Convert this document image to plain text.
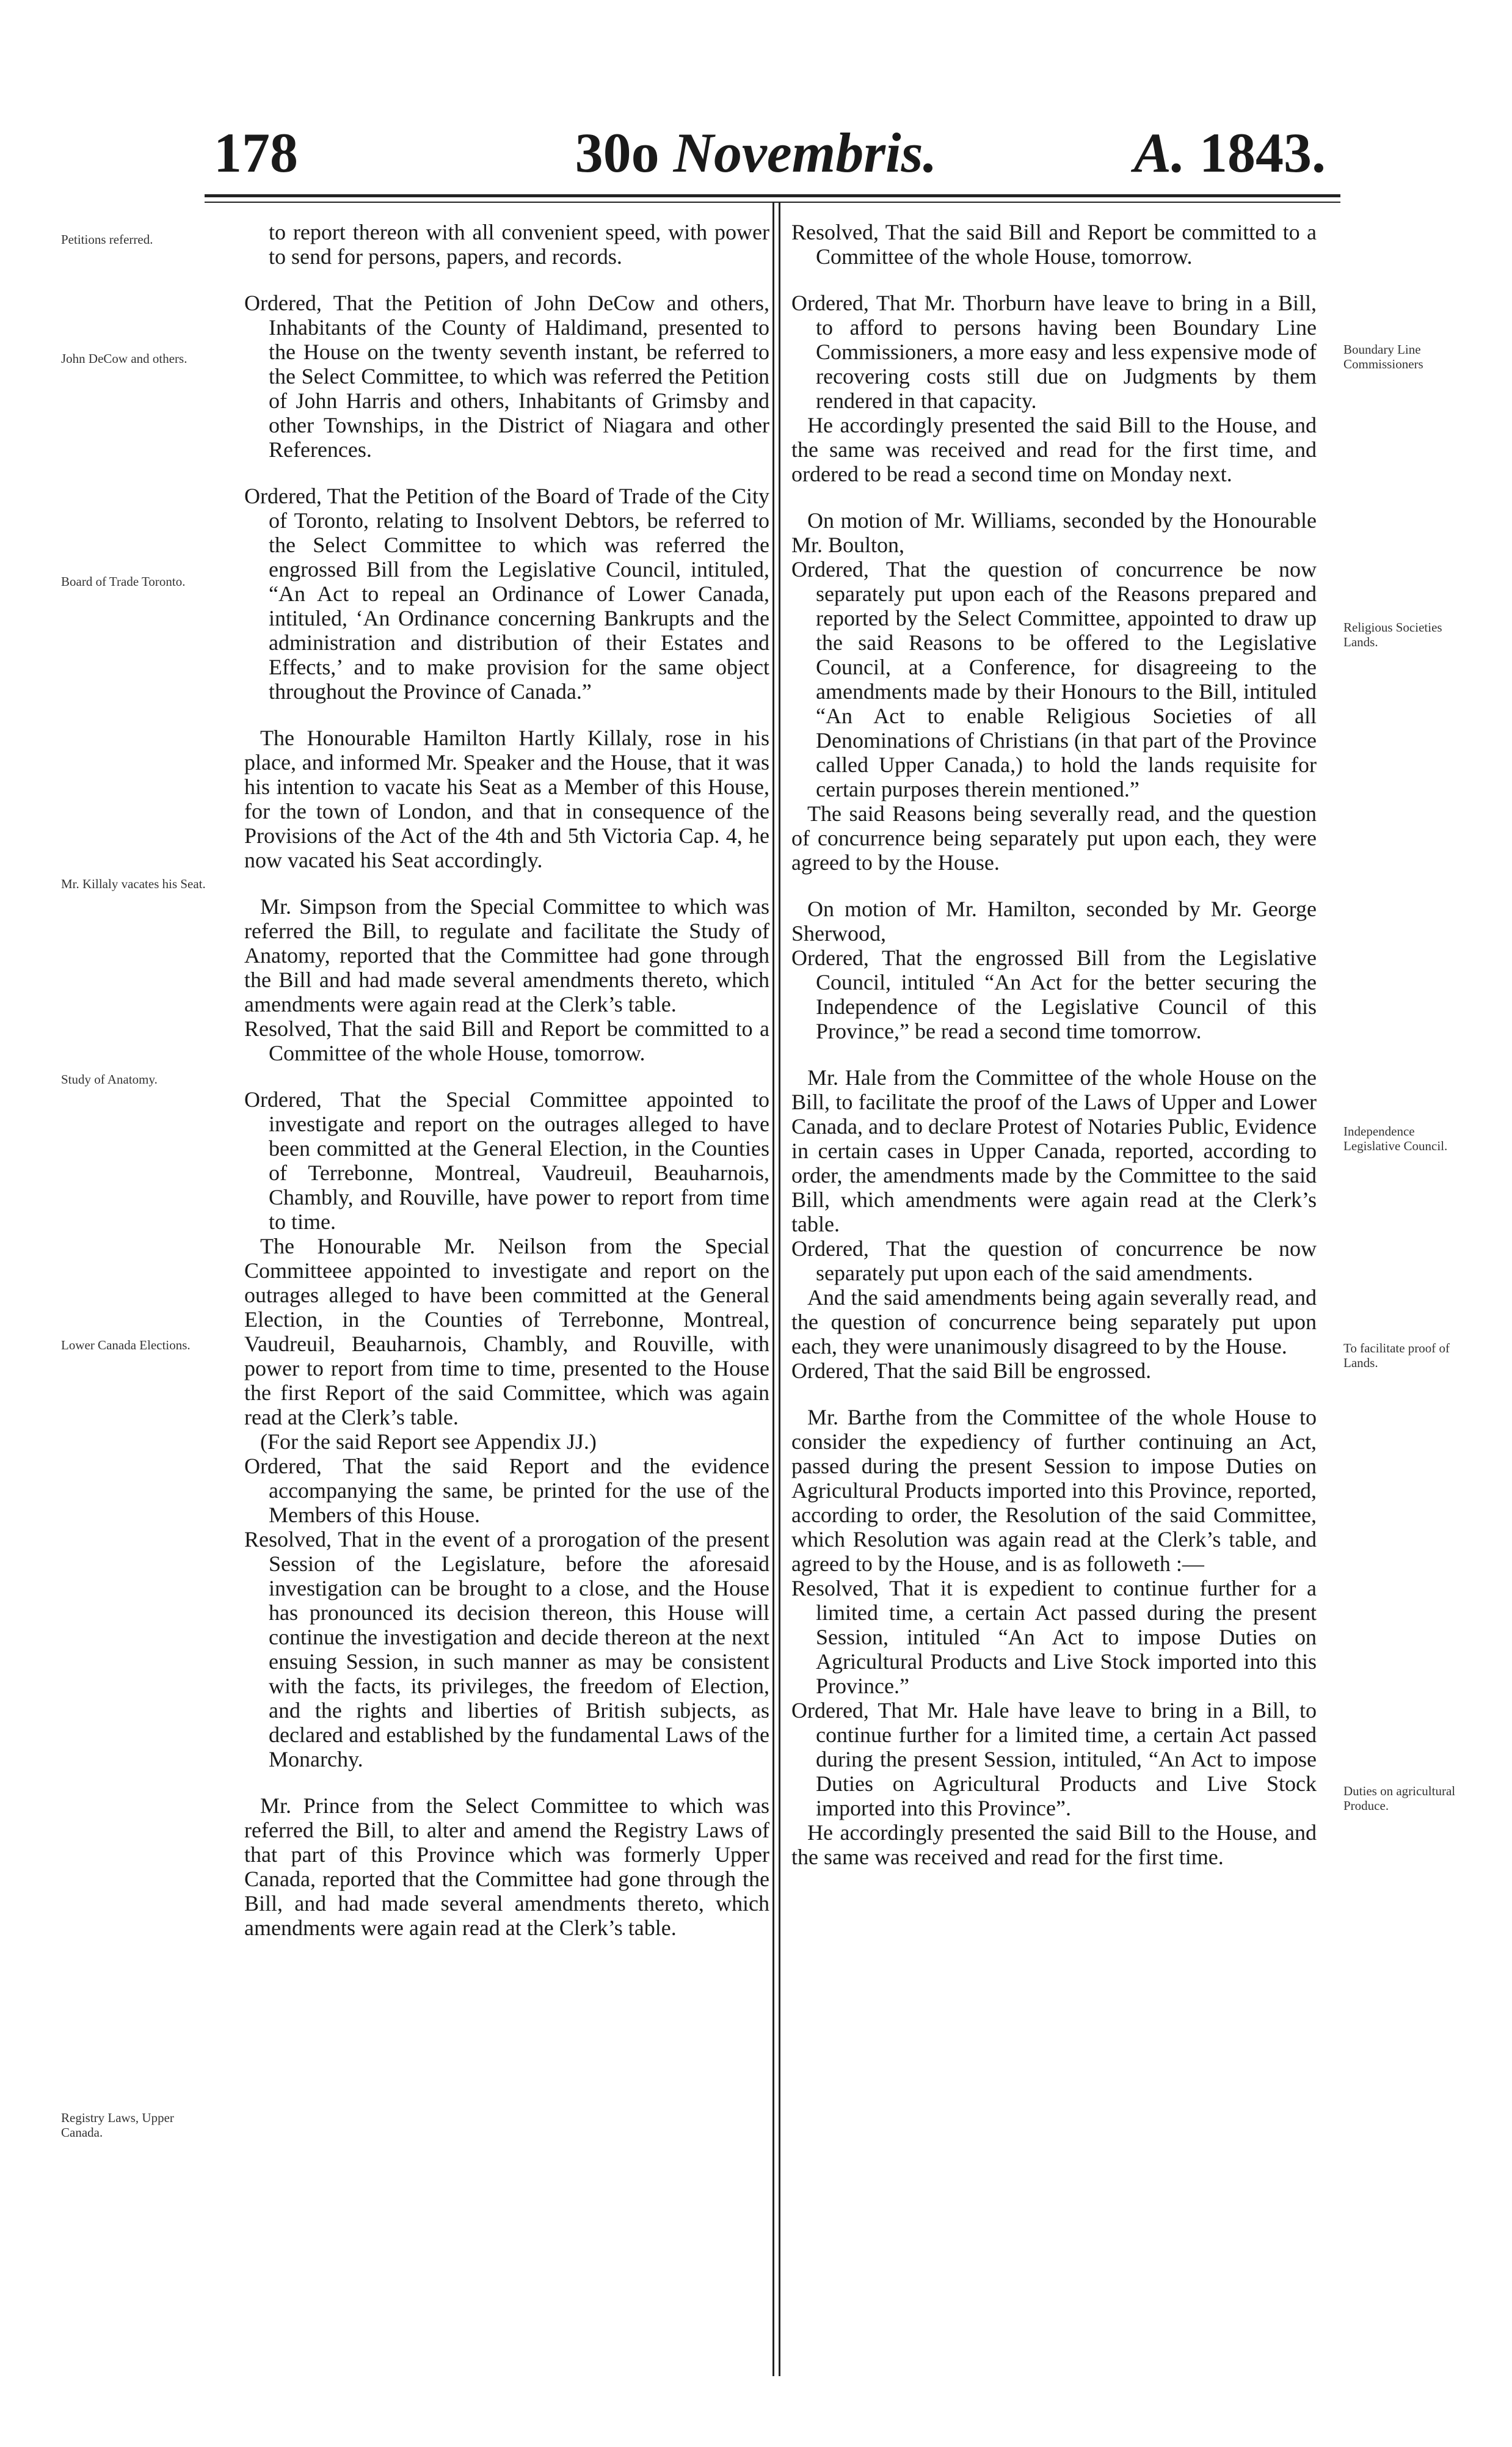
178	30o Novembris.	A. 1843.
Petitions referred.
John DeCow and others.
Board of Trade Toronto.
Mr. Killaly vacates his Seat.
Study of Anatomy.
Lower Canada Elections.
Registry Laws, Upper Canada.
Boundary Line Commissioners
Religious Societies Lands.
Independence Legislative Council.
To facilitate proof of Lands.
Duties on agricultural Produce.

to report thereon with all convenient speed, with power to send for persons, papers, and records.

Ordered, That the Petition of John DeCow and others, Inhabitants of the County of Haldimand, presented to the House on the twenty seventh instant, be referred to the Select Committee, to which was referred the Petition of John Harris and others, Inhabitants of Grimsby and other Townships, in the District of Niagara and other References.

Ordered, That the Petition of the Board of Trade of the City of Toronto, relating to Insolvent Debtors, be referred to the Select Committee to which was referred the engrossed Bill from the Legislative Council, intituled, “An Act to repeal an Ordinance of Lower Canada, intituled, ‘An Ordinance concerning Bankrupts and the administration and distribution of their Estates and Effects,’ and to make provision for the same object throughout the Province of Canada.”

The Honourable Hamilton Hartly Killaly, rose in his place, and informed Mr. Speaker and the House, that it was his intention to vacate his Seat as a Member of this House, for the town of London, and that in consequence of the Provisions of the Act of the 4th and 5th Victoria Cap. 4, he now vacated his Seat accordingly.

Mr. Simpson from the Special Committee to which was referred the Bill, to regulate and facilitate the Study of Anatomy, reported that the Committee had gone through the Bill and had made several amendments thereto, which amendments were again read at the Clerk’s table.

Resolved, That the said Bill and Report be committed to a Committee of the whole House, tomorrow.

Ordered, That the Special Committee appointed to investigate and report on the outrages alleged to have been committed at the General Election, in the Counties of Terrebonne, Montreal, Vaudreuil, Beauharnois, Chambly, and Rouville, have power to report from time to time.

The Honourable Mr. Neilson from the Special Committeee appointed to investigate and report on the outrages alleged to have been committed at the General Election, in the Counties of Terrebonne, Montreal, Vaudreuil, Beauharnois, Chambly, and Rouville, with power to report from time to time, presented to the House the first Report of the said Committee, which was again read at the Clerk’s table.

(For the said Report see Appendix JJ.)

Ordered, That the said Report and the evidence accompanying the same, be printed for the use of the Members of this House.

Resolved, That in the event of a prorogation of the present Session of the Legislature, before the aforesaid investigation can be brought to a close, and the House has pronounced its decision thereon, this House will continue the investigation and decide thereon at the next ensuing Session, in such manner as may be consistent with the facts, its privileges, the freedom of Election, and the rights and liberties of British subjects, as declared and established by the fundamental Laws of the Monarchy.

Mr. Prince from the Select Committee to which was referred the Bill, to alter and amend the Registry Laws of that part of this Province which was formerly Upper Canada, reported that the Committee had gone through the Bill, and had made several amendments thereto, which amendments were again read at the Clerk’s table.

Resolved, That the said Bill and Report be committed to a Committee of the whole House, tomorrow.

Ordered, That Mr. Thorburn have leave to bring in a Bill, to afford to persons having been Boundary Line Commissioners, a more easy and less expensive mode of recovering costs still due on Judgments by them rendered in that capacity.

He accordingly presented the said Bill to the House, and the same was received and read for the first time, and ordered to be read a second time on Monday next.

On motion of Mr. Williams, seconded by the Honourable Mr. Boulton,

Ordered, That the question of concurrence be now separately put upon each of the Reasons prepared and reported by the Select Committee, appointed to draw up the said Reasons to be offered to the Legislative Council, at a Conference, for disagreeing to the amendments made by their Honours to the Bill, intituled “An Act to enable Religious Societies of all Denominations of Christians (in that part of the Province called Upper Canada,) to hold the lands requisite for certain purposes therein mentioned.”

The said Reasons being severally read, and the question of concurrence being separately put upon each, they were agreed to by the House.

On motion of Mr. Hamilton, seconded by Mr. George Sherwood,

Ordered, That the engrossed Bill from the Legislative Council, intituled “An Act for the better securing the Independence of the Legislative Council of this Province,” be read a second time tomorrow.

Mr. Hale from the Committee of the whole House on the Bill, to facilitate the proof of the Laws of Upper and Lower Canada, and to declare Protest of Notaries Public, Evidence in certain cases in Upper Canada, reported, according to order, the amendments made by the Committee to the said Bill, which amendments were again read at the Clerk’s table.

Ordered, That the question of concurrence be now separately put upon each of the said amendments.

And the said amendments being again severally read, and the question of concurrence being separately put upon each, they were unanimously disagreed to by the House.

Ordered, That the said Bill be engrossed.

Mr. Barthe from the Committee of the whole House to consider the expediency of further continuing an Act, passed during the present Session to impose Duties on Agricultural Products imported into this Province, reported, according to order, the Resolution of the said Committee, which Resolution was again read at the Clerk’s table, and agreed to by the House, and is as followeth :—

Resolved, That it is expedient to continue further for a limited time, a certain Act passed during the present Session, intituled “An Act to impose Duties on Agricultural Products and Live Stock imported into this Province.”

Ordered, That Mr. Hale have leave to bring in a Bill, to continue further for a limited time, a certain Act passed during the present Session, intituled, “An Act to impose Duties on Agricultural Products and Live Stock imported into this Province”.

He accordingly presented the said Bill to the House, and the same was received and read for the first time.
